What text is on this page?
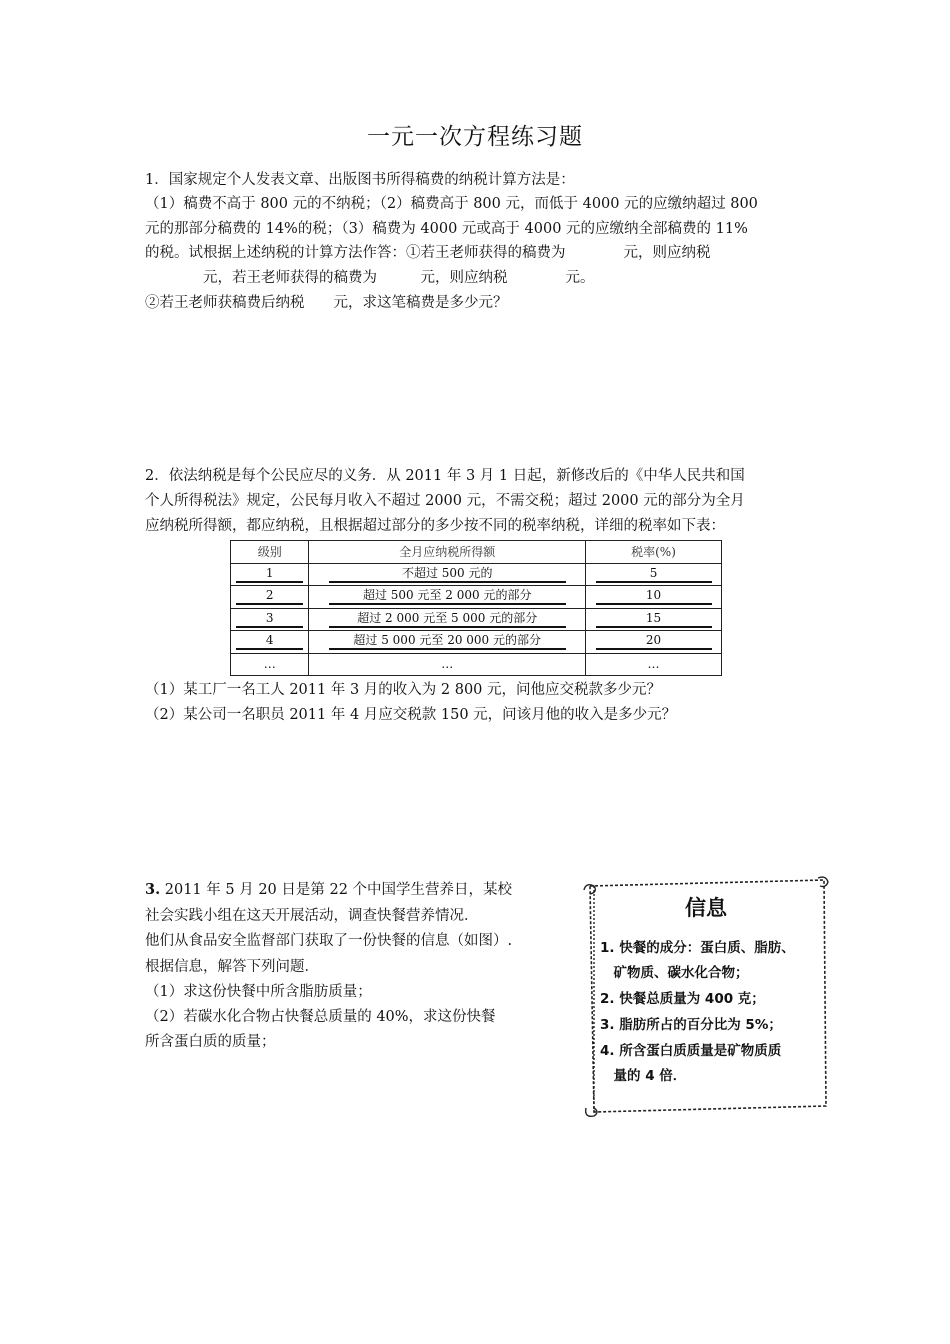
一元一次方程练习题
1．国家规定个人发表文章、出版图书所得稿费的纳税计算方法是：
（1）稿费不高于 800 元的不纳税；（2）稿费高于 800 元，而低于 4000 元的应缴纳超过 800
元的那部分稿费的 14%的税；（3）稿费为 4000 元或高于 4000 元的应缴纳全部稿费的 11%
的税。试根据上述纳税的计算方法作答：①若王老师获得的稿费为　　　　元，则应纳税
　　　　元，若王老师获得的稿费为　　　元，则应纳税　　　　元。
②若王老师获稿费后纳税　　元，求这笔稿费是多少元？
2．依法纳税是每个公民应尽的义务．从 2011 年 3 月 1 日起，新修改后的《中华人民共和国
个人所得税法》规定，公民每月收入不超过 2000 元，不需交税；超过 2000 元的部分为全月
应纳税所得额，都应纳税，且根据超过部分的多少按不同的税率纳税，详细的税率如下表：
级别	全月应纳税所得额	税率(%)
1	不超过 500 元的	5
2	超过 500 元至 2 000 元的部分	10
3	超过 2 000 元至 5 000 元的部分	15
4	超过 5 000 元至 20 000 元的部分	20
…	…	…
（1）某工厂一名工人 2011 年 3 月的收入为 2 800 元，问他应交税款多少元？
（2）某公司一名职员 2011 年 4 月应交税款 150 元，问该月他的收入是多少元？
3. 2011 年 5 月 20 日是第 22 个中国学生营养日，某校
社会实践小组在这天开展活动，调查快餐营养情况．
他们从食品安全监督部门获取了一份快餐的信息（如图）.
根据信息，解答下列问题．
（1）求这份快餐中所含脂肪质量；
（2）若碳水化合物占快餐总质量的 40%，求这份快餐
所含蛋白质的质量；
信息
1. 快餐的成分：蛋白质、脂肪、
　矿物质、碳水化合物；
2. 快餐总质量为 400 克；
3. 脂肪所占的百分比为 5%；
4. 所含蛋白质质量是矿物质质
　量的 4 倍．
